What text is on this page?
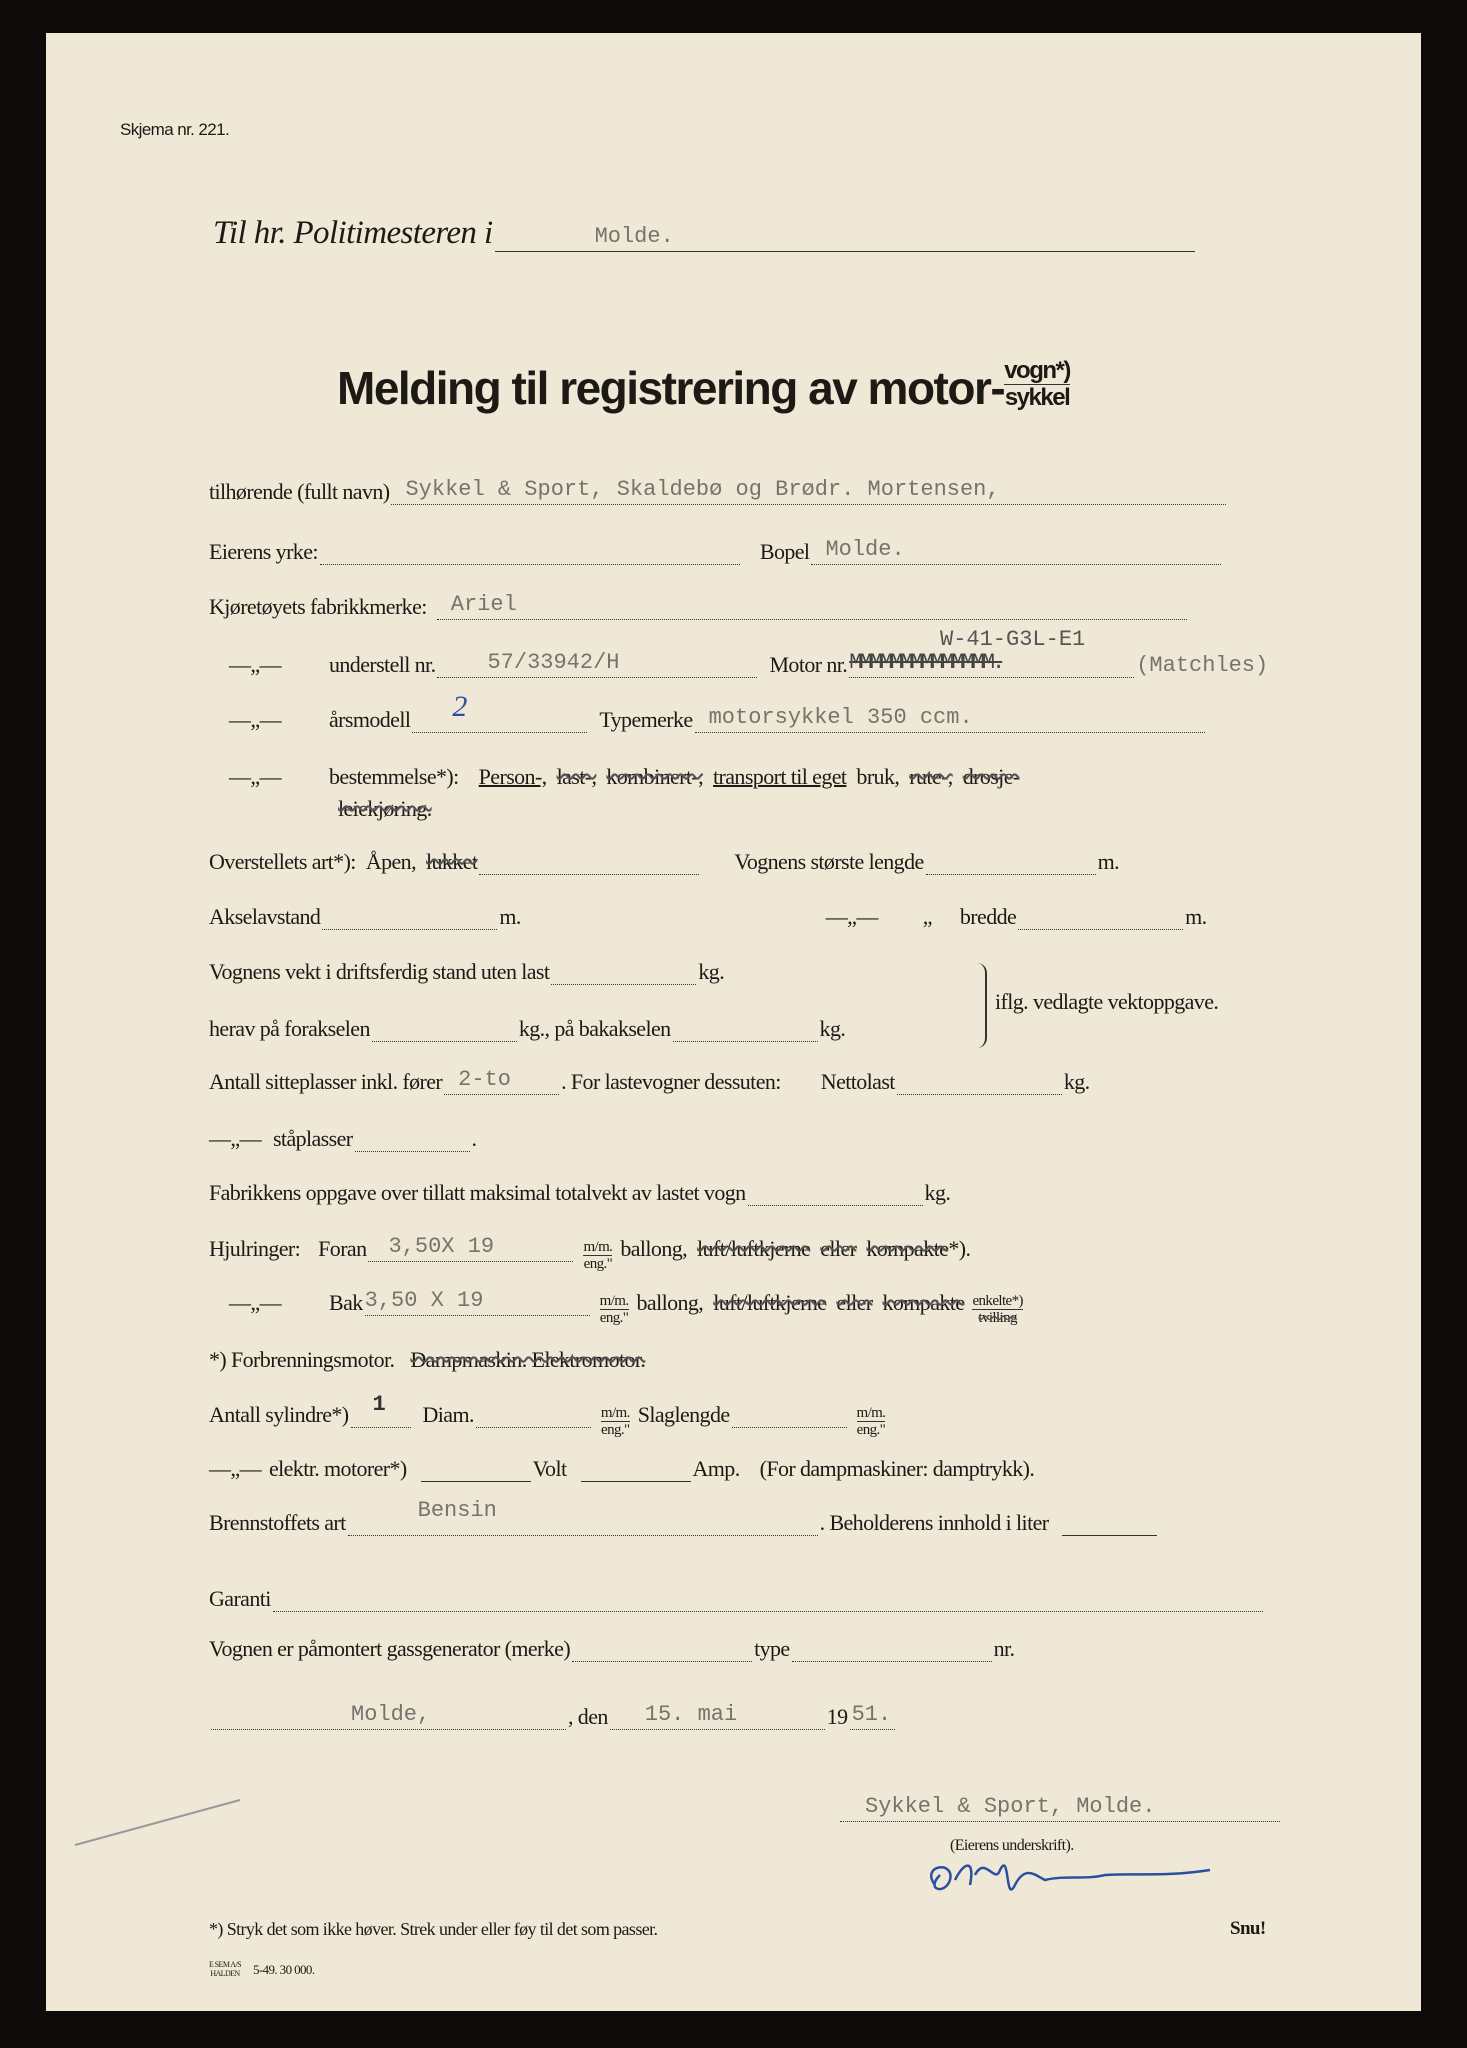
Skjema nr. 221.
Til hr. Politimesteren i	Molde.
Melding til registrering av motor- $\frac{\text{vogn*)}}{\text{sykkel}}$
tilhørende (fullt navn) Sykkel & Sport, Skaldebø og Brødr. Mortensen,
Eierens yrke:	Bopel Molde.
Kjøretøyets fabrikkmerke: Ariel
W-41-G3L-E1
—„—	understell nr. 57/33942/H	Motor nr. MMMMMMMMMMMMMM.	(Matchles)
—„—	årsmodell 2	Typemerke motorsykkel 350 ccm.
—„—	bestemmelse*): Person-, last-, kombinert-, transport til eget bruk, rute-, drosje-
leiekjøring.
Overstellets art*): Åpen, lukket	Vognens største lengde	m.
Akselavstand	m.	—„— „ bredde	m.
Vognens vekt i driftsferdig stand uten last	kg.
iflg. vedlagte vektoppgave.
herav på forakselen	kg., på bakakselen	kg.
Antall sitteplasser inkl. fører 2-to . For lastevogner dessuten: Nettolast	kg.
—„— ståplasser	.
Fabrikkens oppgave over tillatt maksimal totalvekt av lastet vogn	kg.
Hjulringer: Foran 3,50X 19	$\frac{m/m.}{\text{eng."}}$ ballong, luft/ luftkjerne eller kompakte *).
—„—	Bak 3,50 X 19	$\frac{m/m.}{\text{eng."}}$ ballong, luft/ luftkjerne eller kompakte $\frac{\text{enkelte*)}}{\text{tvilling}}$
*) Forbrenningsmotor. Dampmaskin. Elektromotor.
Antall sylindre*) 1 Diam.	$\frac{m/m.}{\text{eng."}}$ Slaglengde	$\frac{m/m.}{\text{eng."}}$
—„— elektr. motorer*)	Volt	Amp. (For dampmaskiner: damptrykk).
Brennstoffets art	Bensin	. Beholderens innhold i liter
Garanti
Vognen er påmontert gassgenerator (merke)	type	nr.
Molde,	, den 15. mai	19 51.
Sykkel & Sport, Molde.
(Eierens underskrift).
*) Stryk det som ikke høver. Strek under eller føy til det som passer.	Snu!
E SEM A/S
HALDEN 5-49. 30 000.
